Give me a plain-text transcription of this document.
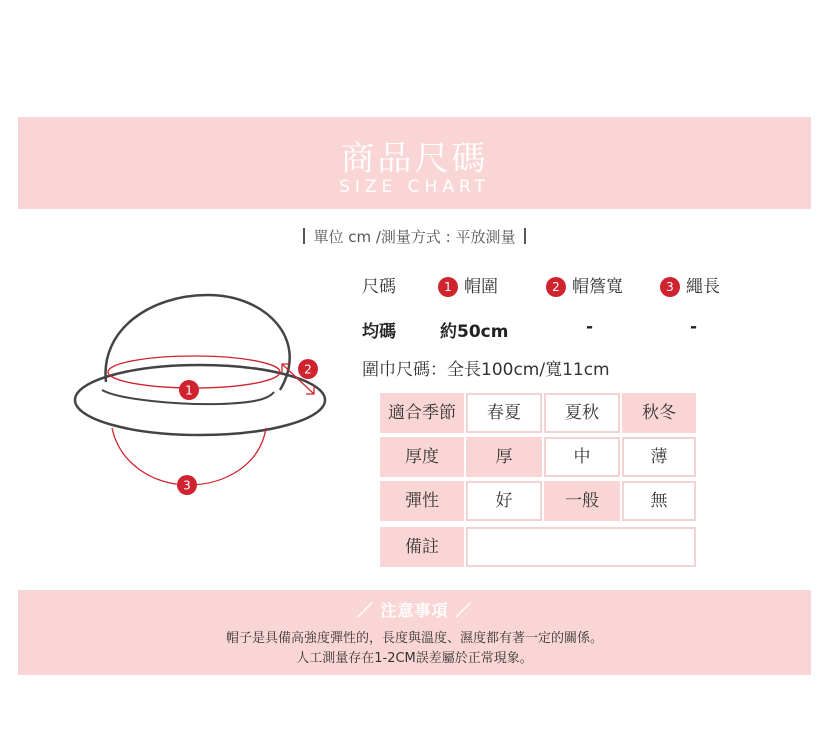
商品尺碼
SIZE CHART
單位 cm /測量方式 : 平放測量
1
2
3
尺碼	1 帽圍	2 帽簷寬	3 繩長
均碼	約50cm	-	-
圍巾尺碼：全長100cm/寬11cm
適合季節	春夏	夏秋	秋冬
厚度	厚	中	薄
彈性	好	一般	無
備註
／ 注意事項 ／
帽子是具備高強度彈性的，長度與溫度、濕度都有著一定的關係。
人工測量存在1-2CM誤差屬於正常現象。
